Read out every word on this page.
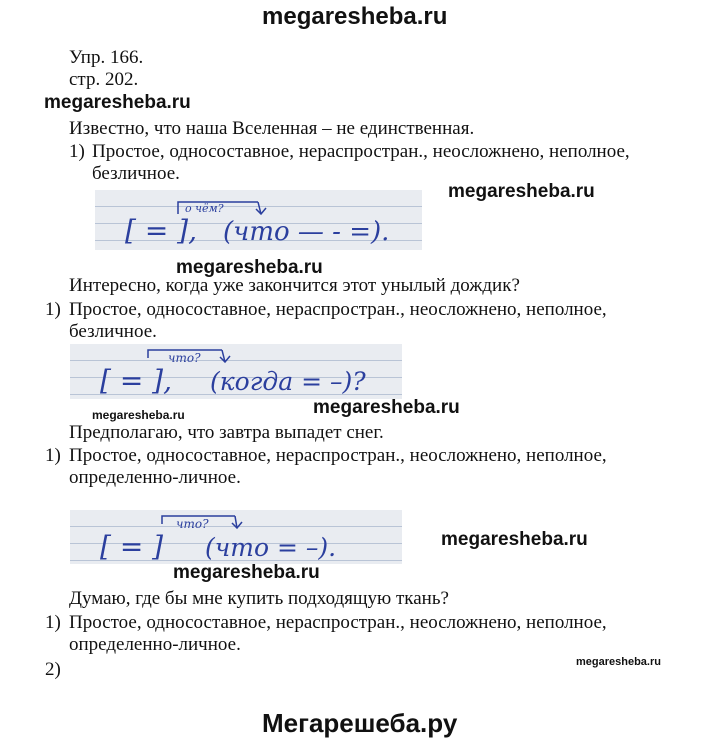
megaresheba.ru
Упр. 166.
стр. 202.
megaresheba.ru
Известно, что наша Вселенная – не единственная.
1) Простое, односоставное, нераспростран., неосложнено, неполное,
безличное.
megaresheba.ru
о чём?
[ = ], (что — - =).
megaresheba.ru
Интересно, когда уже закончится этот унылый дождик?
1) Простое, односоставное, нераспростран., неосложнено, неполное,
безличное.
что?
[ = ], (когда = –)?
megaresheba.ru	megaresheba.ru
Предполагаю, что завтра выпадет снег.
1) Простое, односоставное, нераспростран., неосложнено, неполное,
определенно-личное.
что?
[ = ] (что = –).	megaresheba.ru
megaresheba.ru
Думаю, где бы мне купить подходящую ткань?
1) Простое, односоставное, нераспростран., неосложнено, неполное,
определенно-личное.
megaresheba.ru
2)
Мегарешеба.ру
